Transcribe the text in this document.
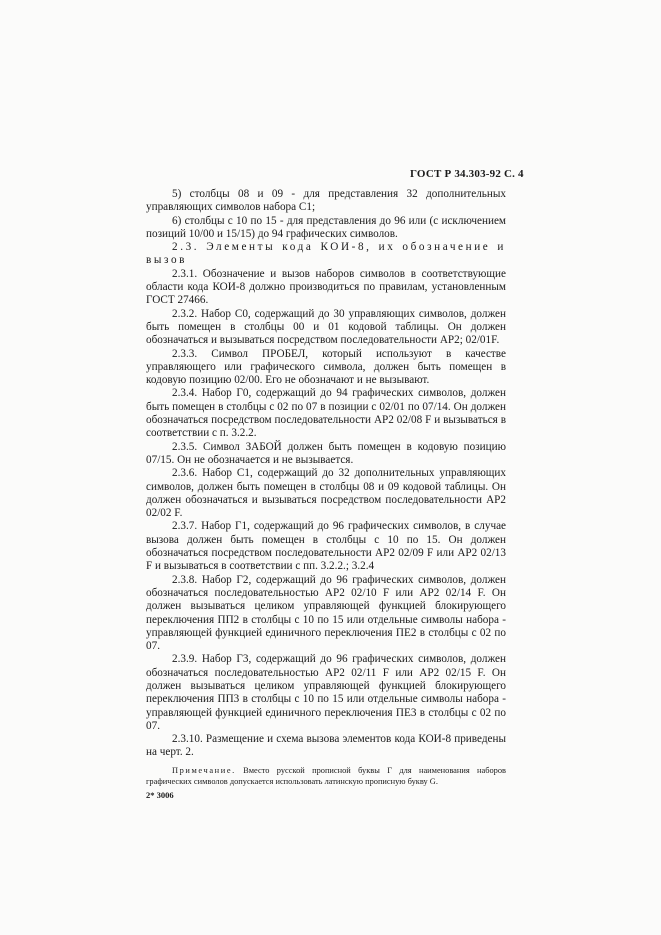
ГОСТ Р 34.303-92 С. 4

5) столбцы 08 и 09 - для представления 32 дополнительных управляющих символов набора С1;

6) столбцы с 10 по 15 - для представления до 96 или (с исключением позиций 10/00 и 15/15) до 94 графических символов.

2.3. Элементы кода КОИ-8, их обозначение и вызов

2.3.1. Обозначение и вызов наборов символов в соответствующие области кода КОИ-8 должно производиться по правилам, установленным ГОСТ 27466.

2.3.2. Набор С0, содержащий до 30 управляющих символов, должен быть помещен в столбцы 00 и 01 кодовой таблицы. Он должен обозначаться и вызываться посредством последовательности АР2; 02/01F.

2.3.3. Символ ПРОБЕЛ, который используют в качестве управляющего или графического символа, должен быть помещен в кодовую позицию 02/00. Его не обозначают и не вызывают.

2.3.4. Набор Г0, содержащий до 94 графических символов, должен быть помещен в столбцы с 02 по 07 в позиции с 02/01 по 07/14. Он должен обозначаться посредством последовательности АР2 02/08 F и вызываться в соответствии с п. 3.2.2.

2.3.5. Символ ЗАБОЙ должен быть помещен в кодовую позицию 07/15. Он не обозначается и не вызывается.

2.3.6. Набор С1, содержащий до 32 дополнительных управляющих символов, должен быть помещен в столбцы 08 и 09 кодовой таблицы. Он должен обозначаться и вызываться посредством последовательности АР2 02/02 F.

2.3.7. Набор Г1, содержащий до 96 графических символов, в случае вызова должен быть помещен в столбцы с 10 по 15. Он должен обозначаться посредством последовательности АР2 02/09 F или АР2 02/13 F и вызываться в соответствии с пп. 3.2.2.; 3.2.4

2.3.8. Набор Г2, содержащий до 96 графических символов, должен обозначаться последовательностью АР2 02/10 F или АР2 02/14 F. Он должен вызываться целиком управляющей функцией блокирующего переключения ПП2 в столбцы с 10 по 15 или отдельные символы набора - управляющей функцией единичного переключения ПЕ2 в столбцы с 02 по 07.

2.3.9. Набор Г3, содержащий до 96 графических символов, должен обозначаться последовательностью АР2 02/11 F или АР2 02/15 F. Он должен вызываться целиком управляющей функцией блокирующего переключения ПП3 в столбцы с 10 по 15 или отдельные символы набора - управляющей функцией единичного переключения ПЕ3 в столбцы с 02 по 07.

2.3.10. Размещение и схема вызова элементов кода КОИ-8 приведены на черт. 2.

Примечание. Вместо русской прописной буквы Г для наименования наборов графических символов допускается использовать латинскую прописную букву G.

2* 3006
